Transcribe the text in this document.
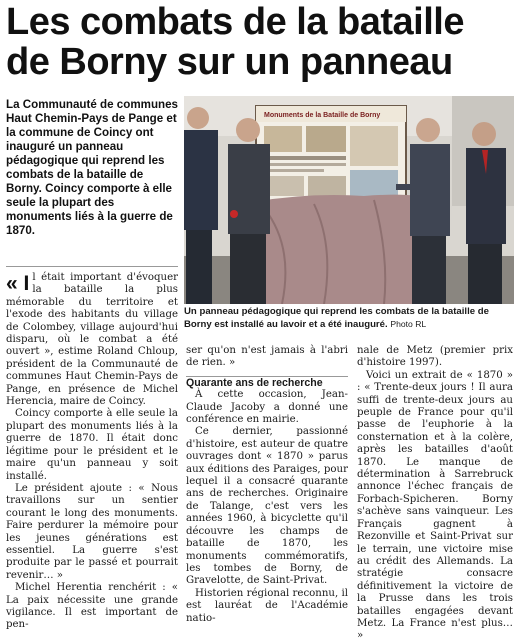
Les combats de la bataille
de Borny sur un panneau
La Communauté de communes Haut Chemin-Pays de Pange et la commune de Coincy ont inauguré un panneau pédagogique qui reprend les combats de la bataille de Borny. Coincy comporte à elle seule la plupart des monuments liés à la guerre de 1870.
Monuments de la Bataille de Borny
Un panneau pédagogique qui reprend les combats de la bataille de Borny est installé au lavoir et a été inauguré. Photo RL

« I l était important d'évoquer la bataille la plus mémorable du territoire et l'exode des habitants du village de Colombey, village aujourd'hui disparu, où le combat a été ouvert », estime Roland Chloup, président de la Communauté de communes Haut Chemin-Pays de Pange, en présence de Michel Herencia, maire de Coincy.

Coincy comporte à elle seule la plupart des monuments liés à la guerre de 1870. Il était donc légitime pour le président et le maire qu'un panneau y soit installé.

Le président ajoute : « Nous travaillons sur un sentier courant le long des monuments. Faire perdurer la mémoire pour les jeunes générations est essentiel. La guerre s'est produite par le passé et pourrait revenir… »

Michel Herentia renchérit : « La paix nécessite une grande vigilance. Il est important de pen-

ser qu'on n'est jamais à l'abri de rien. »

Quarante ans de recherche

À cette occasion, Jean-Claude Jacoby a donné une conférence en mairie.

Ce dernier, passionné d'histoire, est auteur de quatre ouvrages dont « 1870 » parus aux éditions des Paraiges, pour lequel il a consacré quarante ans de recherches. Originaire de Talange, c'est vers les années 1960, à bicyclette qu'il découvre les champs de bataille de 1870, les monuments commémoratifs, les tombes de Borny, de Gravelotte, de Saint-Privat.

Historien régional reconnu, il est lauréat de l'Académie natio-

nale de Metz (premier prix d'histoire 1997).

Voici un extrait de « 1870 » : « Trente-deux jours ! Il aura suffi de trente-deux jours au peuple de France pour qu'il passe de l'euphorie à la consternation et à la colère, après les batailles d'août 1870. Le manque de détermination à Sarrebruck annonce l'échec français de Forbach-Spicheren. Borny s'achève sans vainqueur. Les Français gagnent à Rezonville et Saint-Privat sur le terrain, une victoire mise au crédit des Allemands. La stratégie consacre définitivement la victoire de la Prusse dans les trois batailles engagées devant Metz. La France n'est plus… »
